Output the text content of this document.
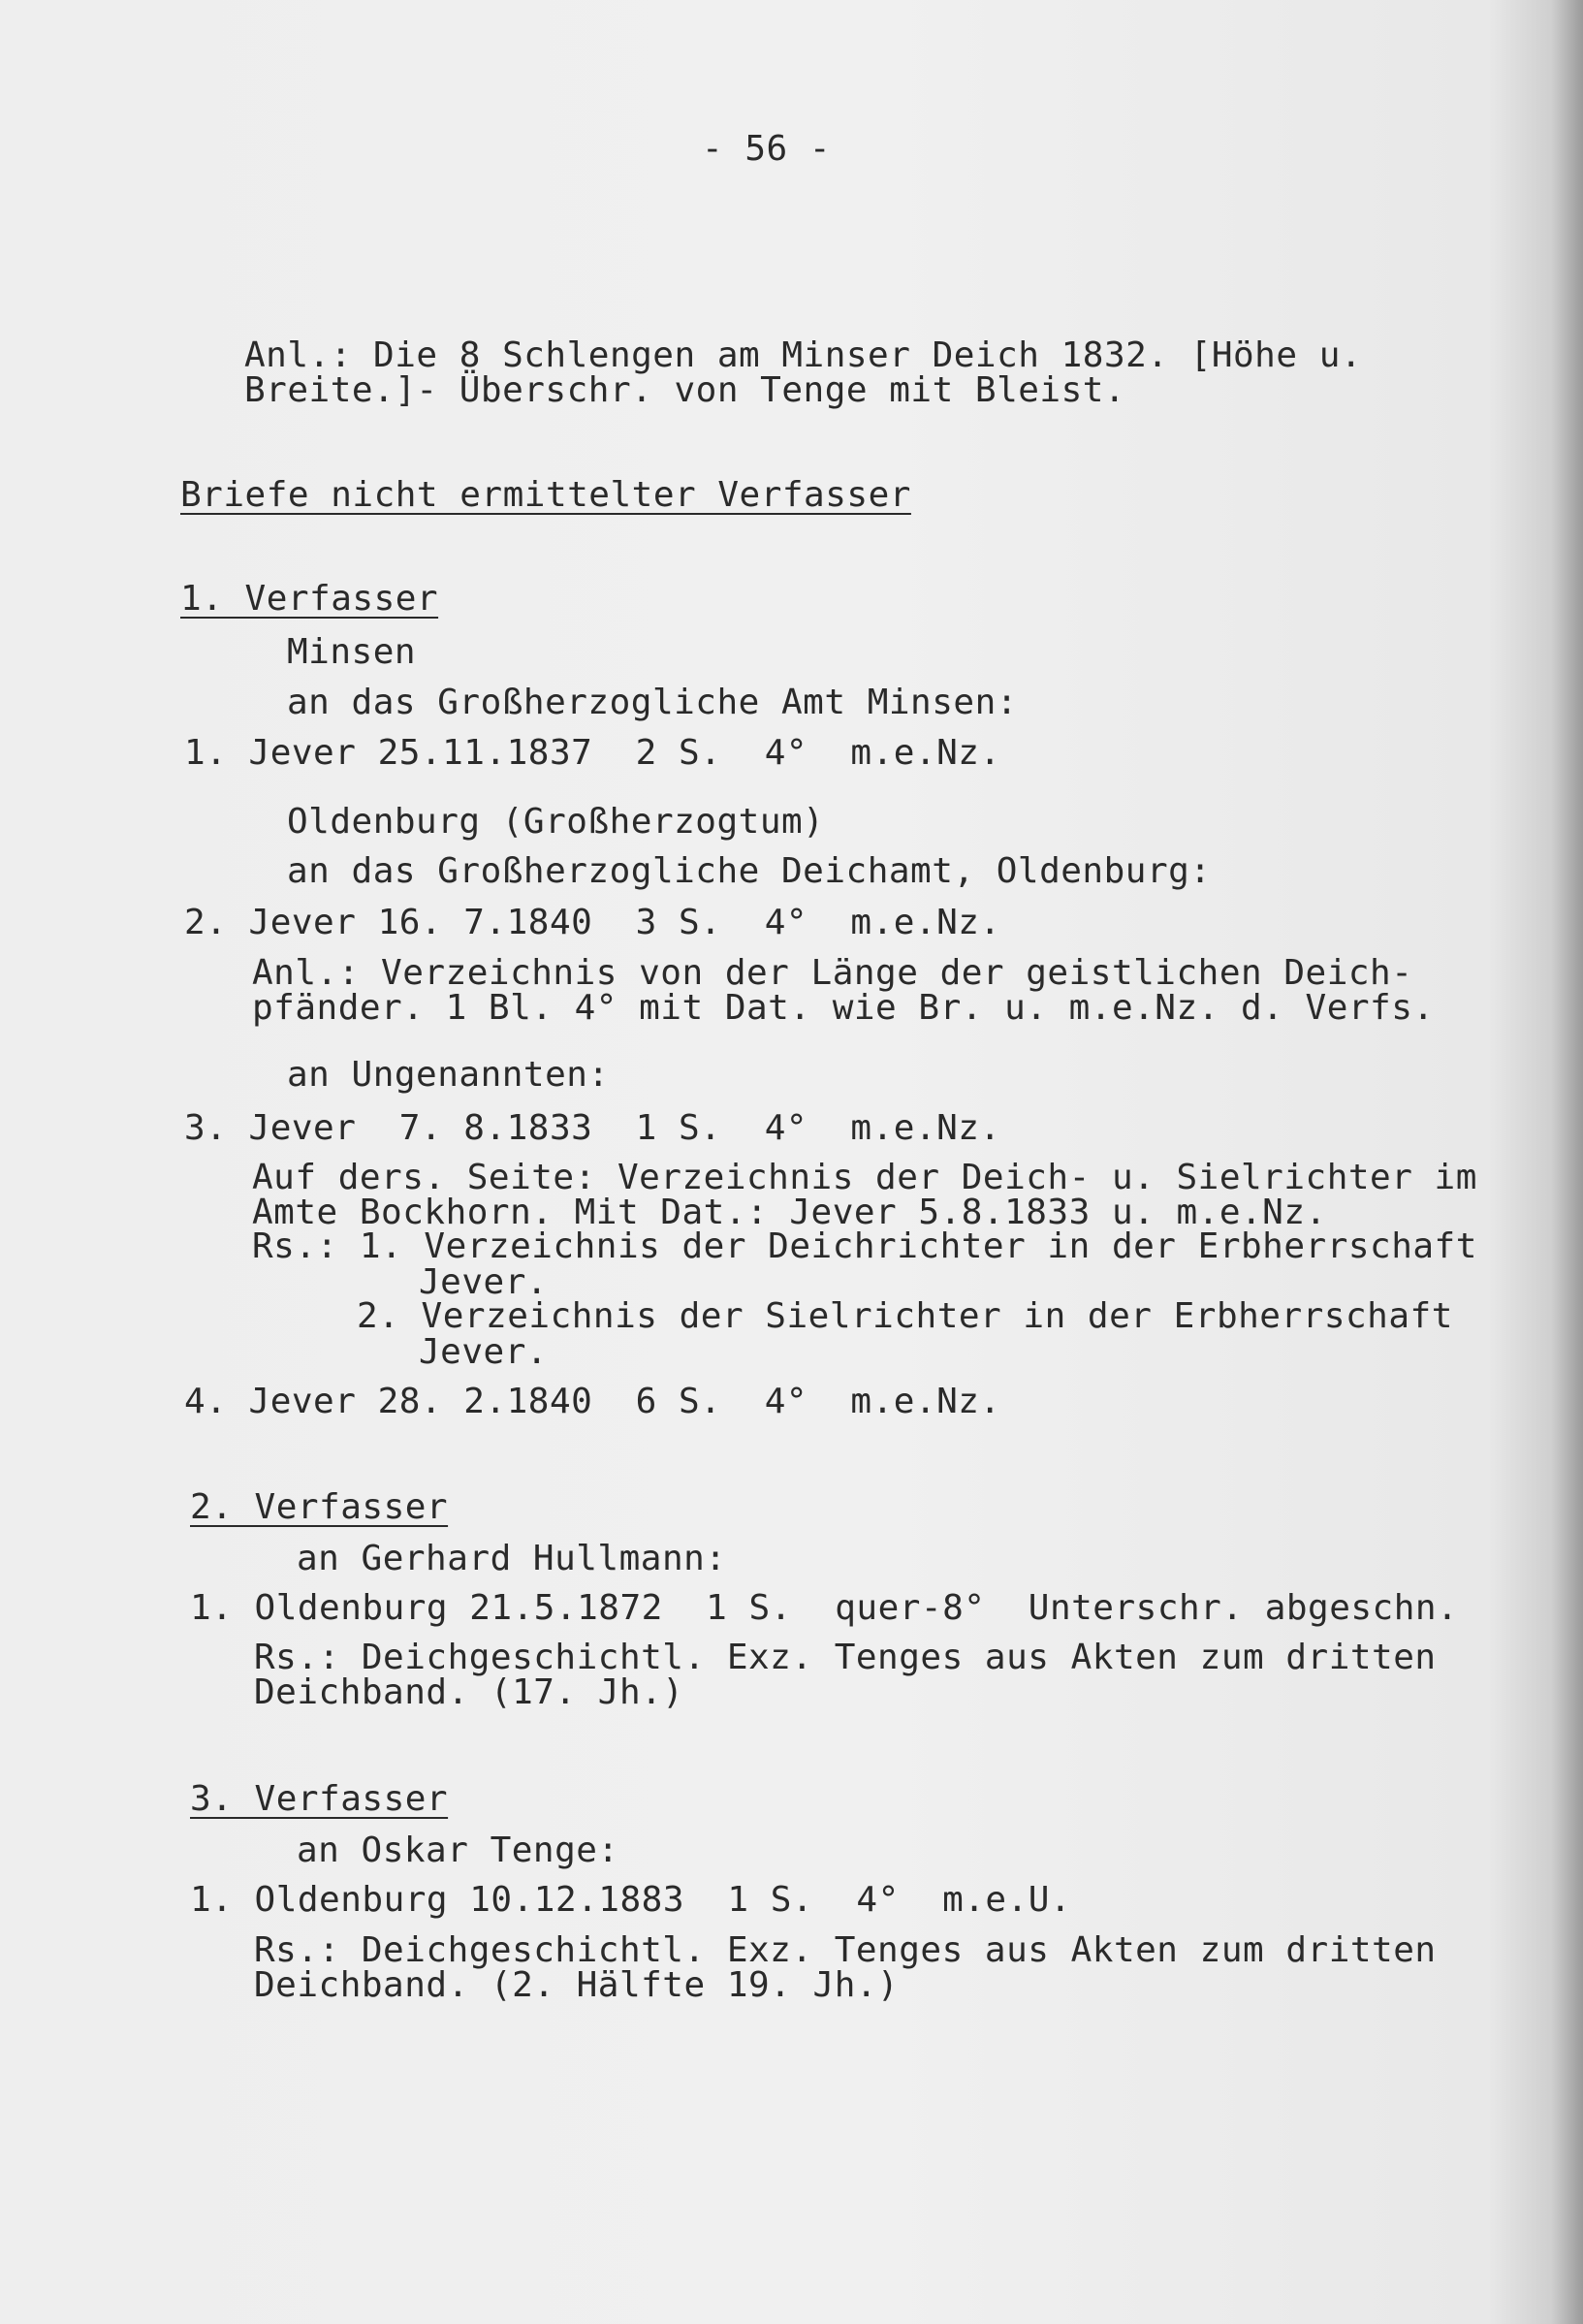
- 56 -
Anl.: Die 8 Schlengen am Minser Deich 1832. [Höhe u.
Breite.]- Überschr. von Tenge mit Bleist.
Briefe nicht ermittelter Verfasser
1. Verfasser
Minsen
an das Großherzogliche Amt Minsen:
1. Jever 25.11.1837  2 S.  4°  m.e.Nz.
Oldenburg (Großherzogtum)
an das Großherzogliche Deichamt, Oldenburg:
2. Jever 16. 7.1840  3 S.  4°  m.e.Nz.
Anl.: Verzeichnis von der Länge der geistlichen Deich-
pfänder. 1 Bl. 4° mit Dat. wie Br. u. m.e.Nz. d. Verfs.
an Ungenannten:
3. Jever  7. 8.1833  1 S.  4°  m.e.Nz.
Auf ders. Seite: Verzeichnis der Deich- u. Sielrichter im
Amte Bockhorn. Mit Dat.: Jever 5.8.1833 u. m.e.Nz.
Rs.: 1. Verzeichnis der Deichrichter in der Erbherrschaft
Jever.
2. Verzeichnis der Sielrichter in der Erbherrschaft
Jever.
4. Jever 28. 2.1840  6 S.  4°  m.e.Nz.
2. Verfasser
an Gerhard Hullmann:
1. Oldenburg 21.5.1872  1 S.  quer-8°  Unterschr. abgeschn.
Rs.: Deichgeschichtl. Exz. Tenges aus Akten zum dritten
Deichband. (17. Jh.)
3. Verfasser
an Oskar Tenge:
1. Oldenburg 10.12.1883  1 S.  4°  m.e.U.
Rs.: Deichgeschichtl. Exz. Tenges aus Akten zum dritten
Deichband. (2. Hälfte 19. Jh.)
